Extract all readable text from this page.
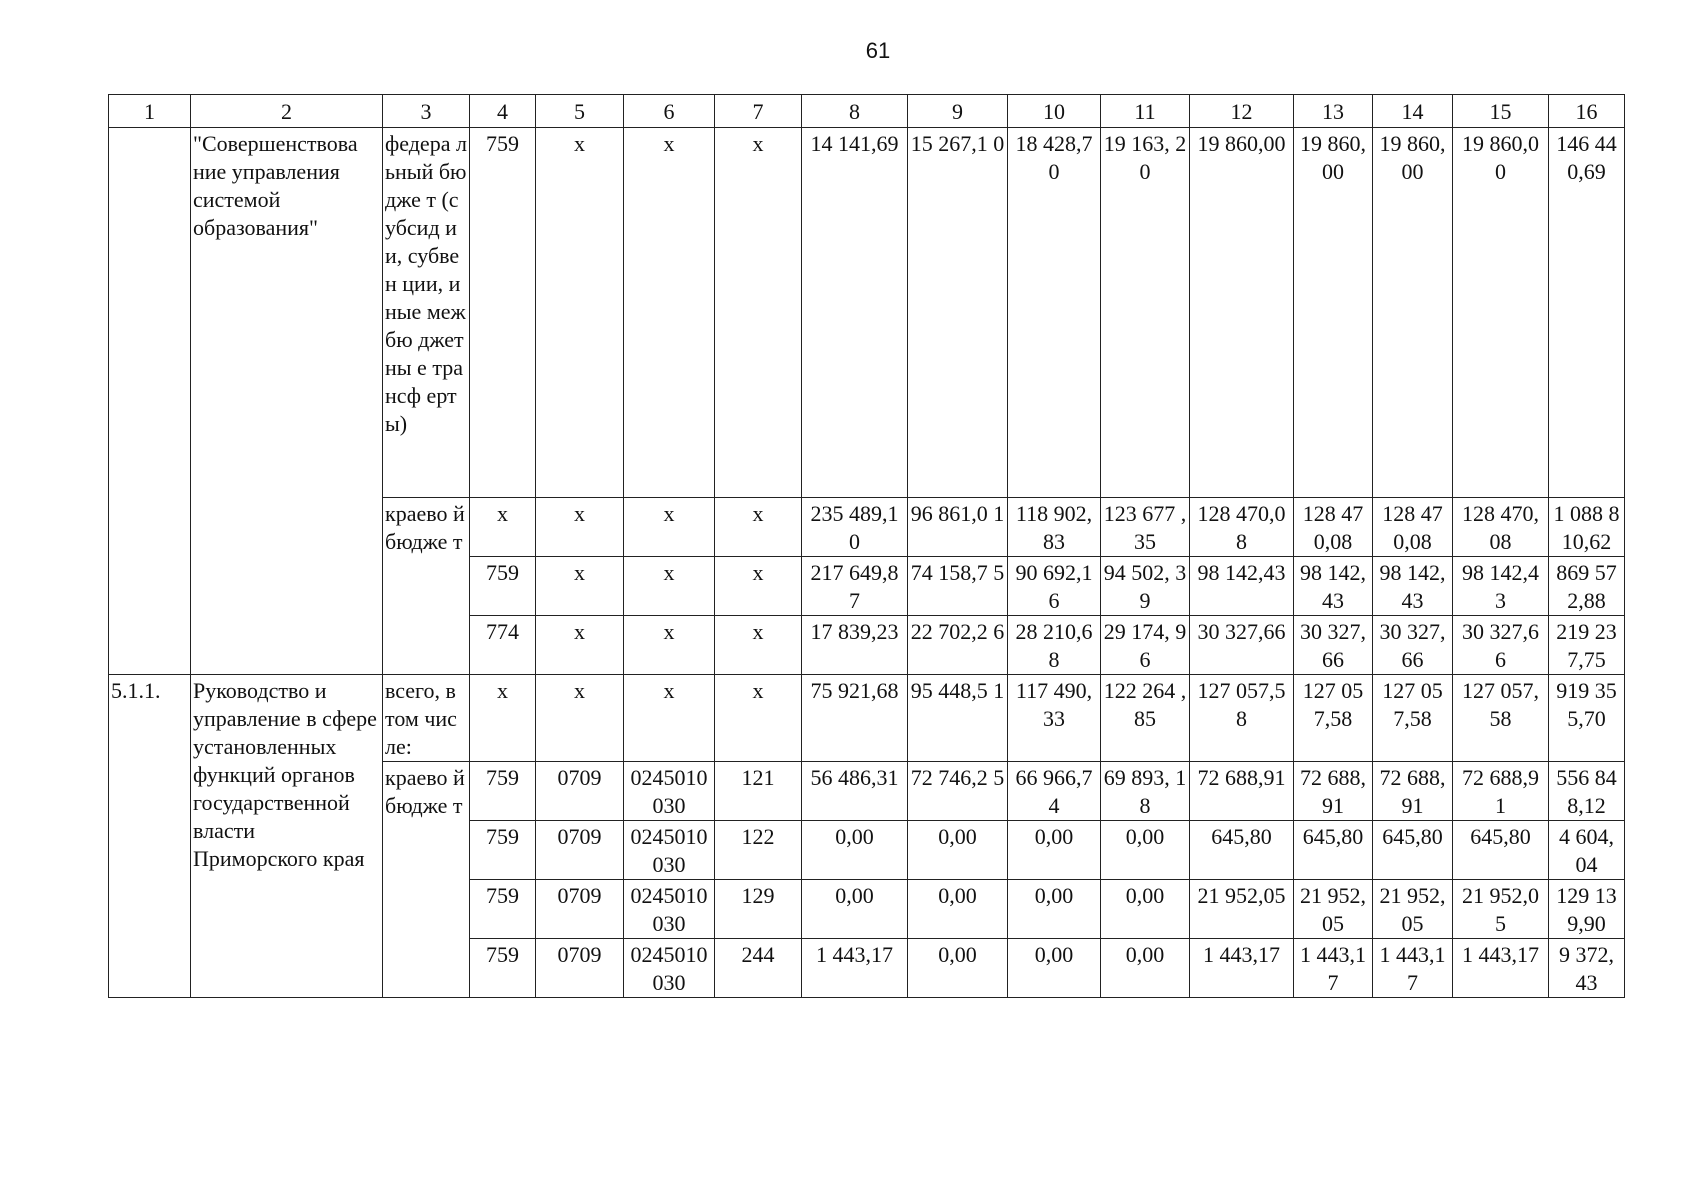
61
1	2	3	4	5	6	7	8	9	10	11	12	13	14	15	16
	"Совершенствова ние управления системой образования"	федера льный бюдже т (субсид ии, субвен ции, иные межбю джетны е трансф ерты)	759	х	х	х	14 141,69	15 267,1 0	18 428,7 0	19 163, 20	19 860,00	19 860, 00	19 860, 00	19 860,0 0	146 44 0,69
		краево й бюдже т	х	х	х	х	235 489,1 0	96 861,0 1	118 902, 83	123 677 ,35	128 470,0 8	128 47 0,08	128 47 0,08	128 470, 08	1 088 810,62
			759	х	х	х	217 649,8 7	74 158,7 5	90 692,1 6	94 502, 39	98 142,43	98 142, 43	98 142, 43	98 142,4 3	869 57 2,88
			774	х	х	х	17 839,23	22 702,2 6	28 210,6 8	29 174, 96	30 327,66	30 327, 66	30 327, 66	30 327,6 6	219 23 7,75
5.1.1.	Руководство и управление в сфере установленных функций органов государственной власти Приморского края	всего, в том числе:	х	х	х	х	75 921,68	95 448,5 1	117 490, 33	122 264 ,85	127 057,5 8	127 05 7,58	127 05 7,58	127 057, 58	919 35 5,70
		краево й бюдже т	759	0709	0245010 030	121	56 486,31	72 746,2 5	66 966,7 4	69 893, 18	72 688,91	72 688, 91	72 688, 91	72 688,9 1	556 84 8,12
			759	0709	0245010 030	122	0,00	0,00	0,00	0,00	645,80	645,80	645,80	645,80	4 604, 04
			759	0709	0245010 030	129	0,00	0,00	0,00	0,00	21 952,05	21 952, 05	21 952, 05	21 952,0 5	129 13 9,90
			759	0709	0245010 030	244	1 443,17	0,00	0,00	0,00	1 443,17	1 443,1 7	1 443,1 7	1 443,17	9 372, 43
